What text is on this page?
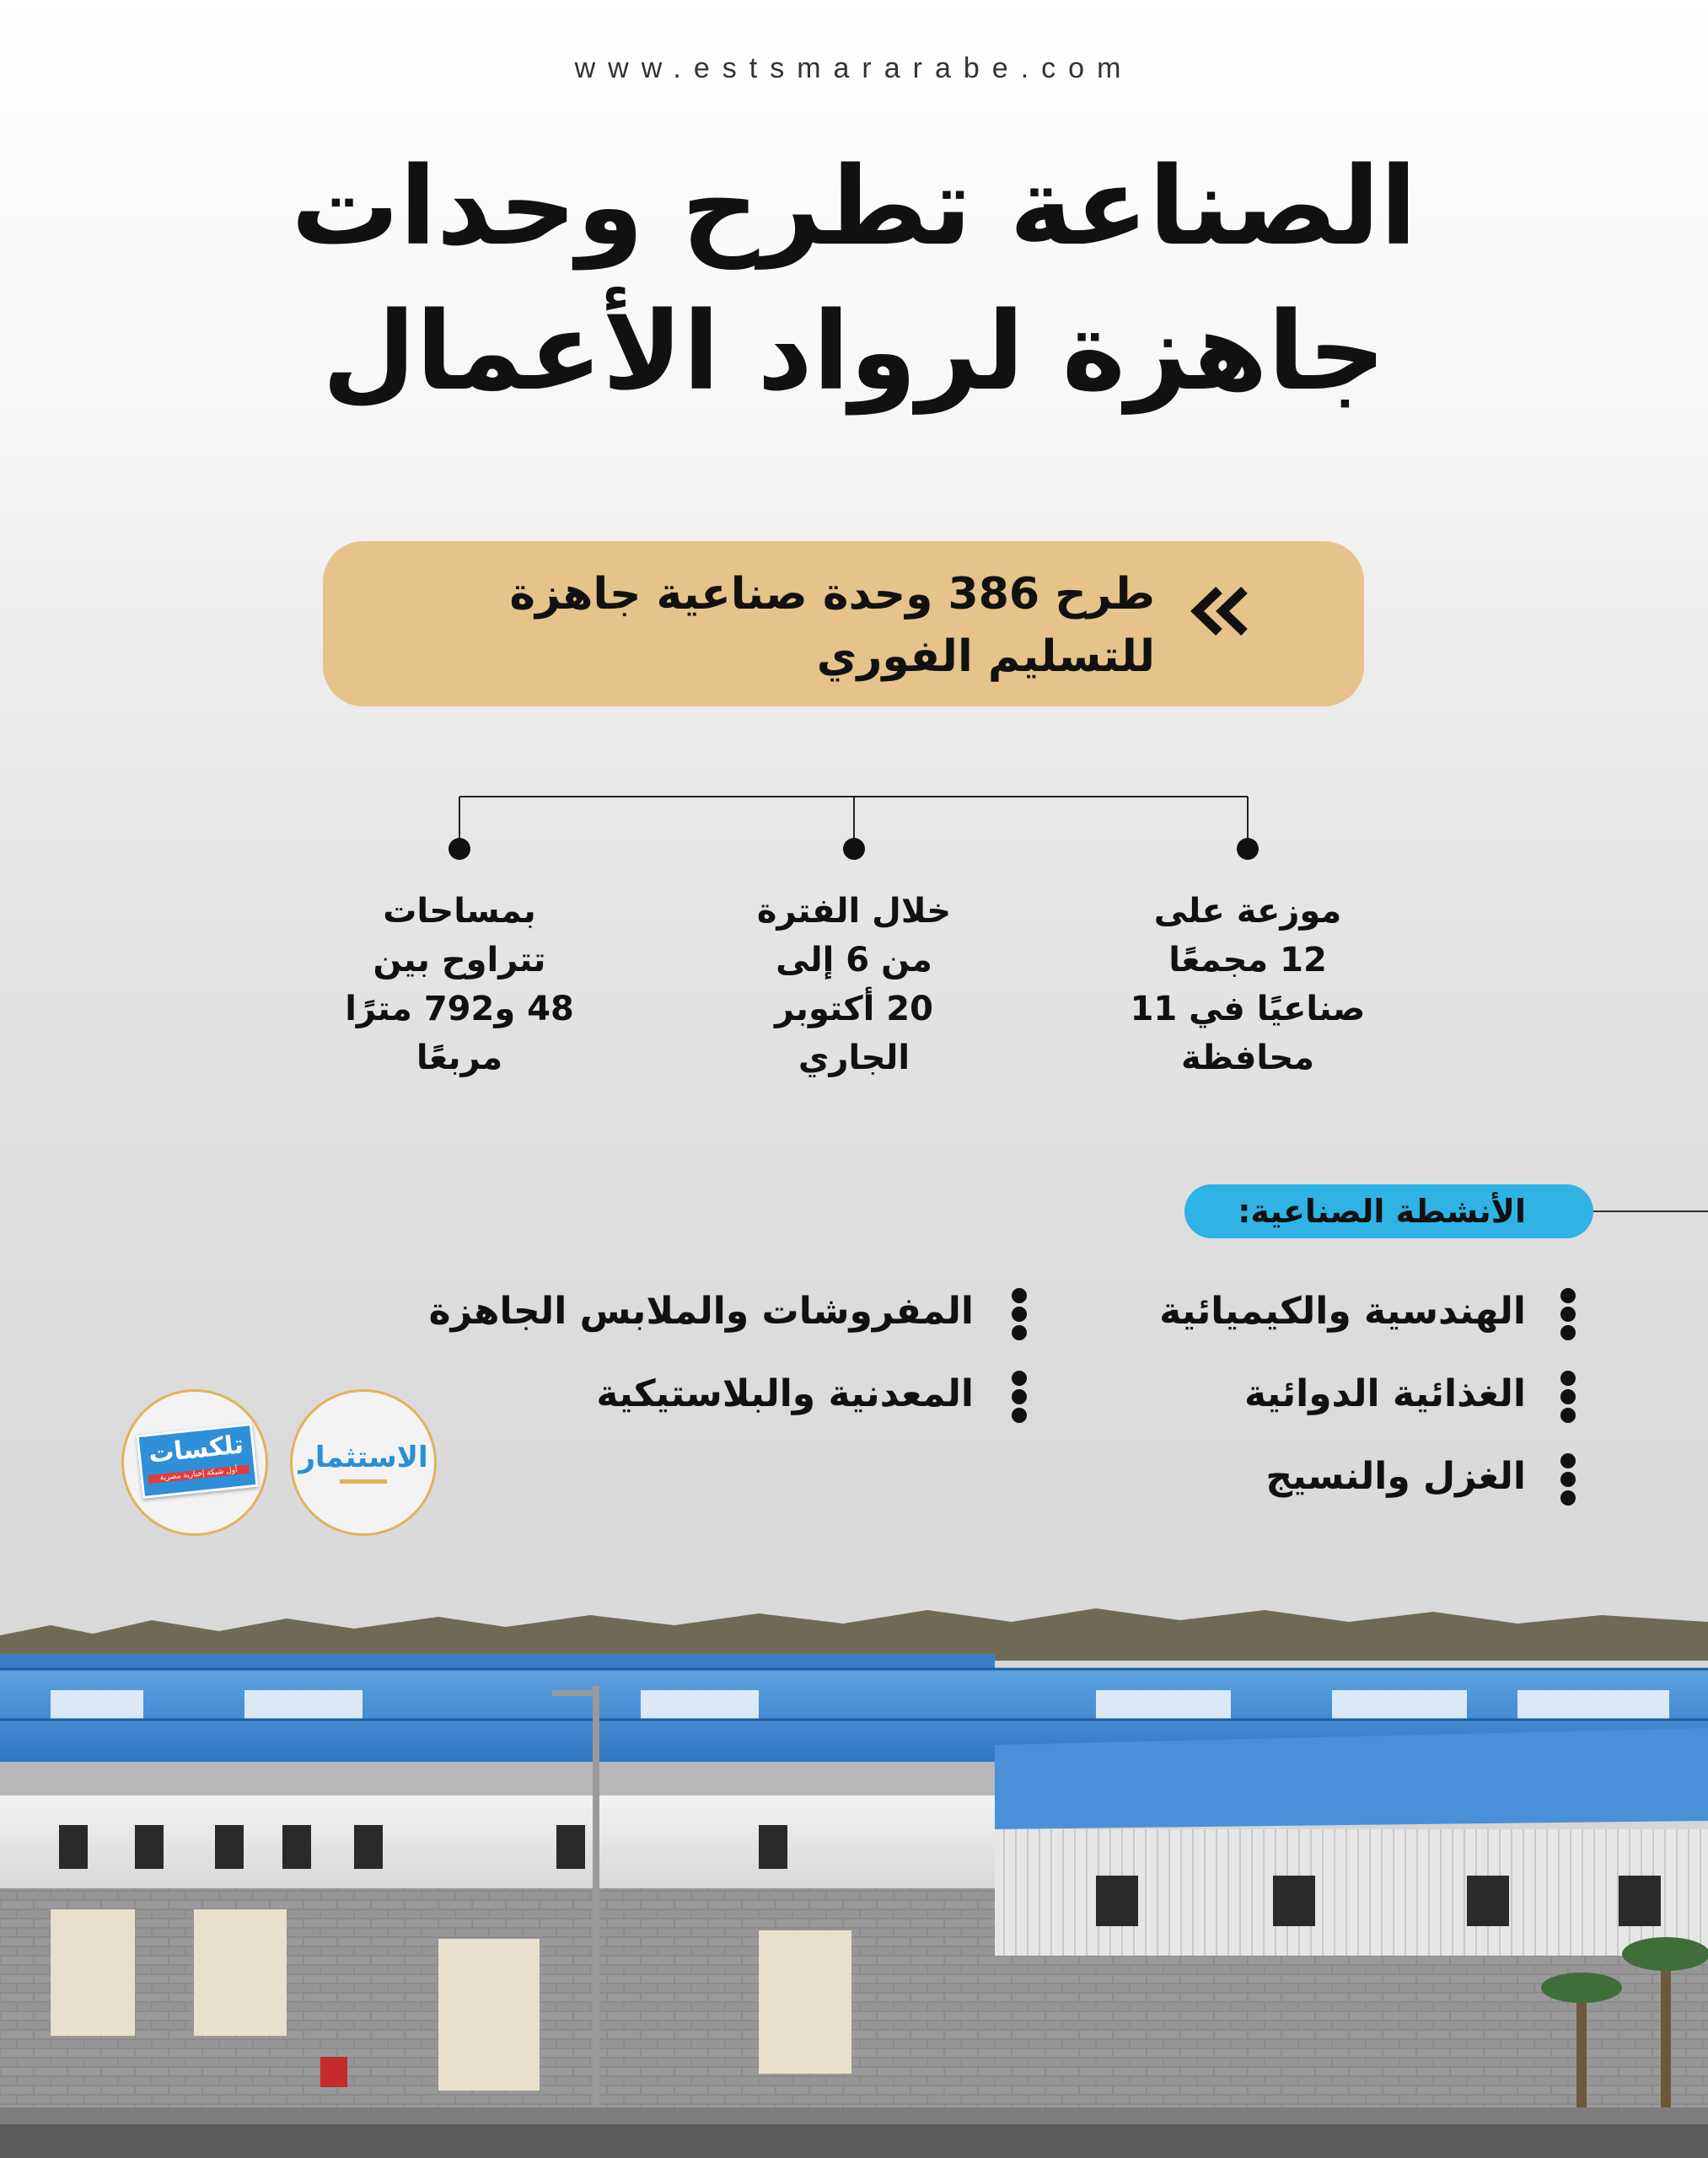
www.estsmararabe.com
الصناعة تطرح وحدات
جاهزة لرواد الأعمال
طرح 386 وحدة صناعية جاهزة
للتسليم الفوري
موزعة على
12 مجمعًا
صناعيًا في 11
محافظة
خلال الفترة
من 6 إلى
20 أكتوبر
الجاري
بمساحات
تتراوح بين
48 و792 مترًا
مربعًا
الأنشطة الصناعية:
الهندسية والكيميائية
الغذائية الدوائية
الغزل والنسيج
المفروشات والملابس الجاهزة
المعدنية والبلاستيكية
الاستثمار
تلكسات
أول شبكة إخبارية مصرية
